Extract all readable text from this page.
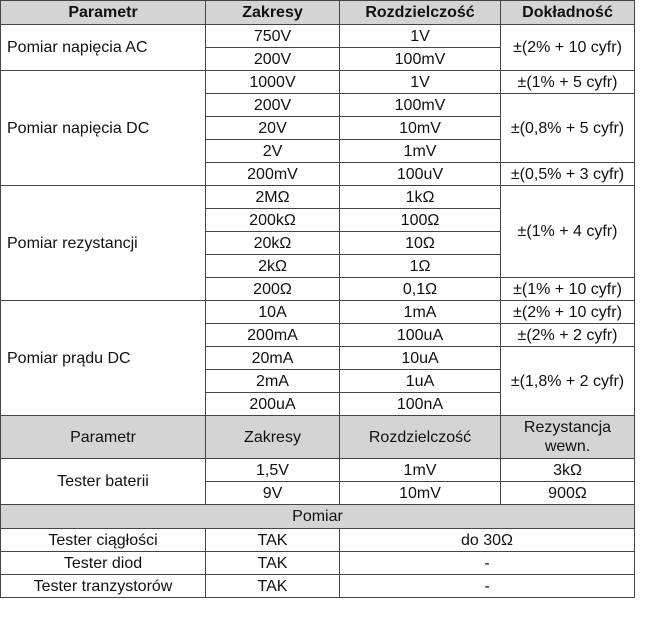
Parametr	Zakresy	Rozdzielczość	Dokładność
Pomiar napięcia AC	750V	1V	±(2% + 10 cyfr)
	200V	100mV	
Pomiar napięcia DC	1000V	1V	±(1% + 5 cyfr)
	200V	100mV	±(0,8% + 5 cyfr)
	20V	10mV	
	2V	1mV	
	200mV	100uV	±(0,5% + 3 cyfr)
Pomiar rezystancji	2MΩ	1kΩ	±(1% + 4 cyfr)
	200kΩ	100Ω	
	20kΩ	10Ω	
	2kΩ	1Ω	
	200Ω	0,1Ω	±(1% + 10 cyfr)
Pomiar prądu DC	10A	1mA	±(2% + 10 cyfr)
	200mA	100uA	±(2% + 2 cyfr)
	20mA	10uA	±(1,8% + 2 cyfr)
	2mA	1uA	
	200uA	100nA	
Parametr	Zakresy	Rozdzielczość	Rezystancja wewn.
Tester baterii	1,5V	1mV	3kΩ
	9V	10mV	900Ω
Pomiar			
Tester ciągłości	TAK	do 30Ω	
Tester diod	TAK	-	
Tester tranzystorów	TAK	-	
